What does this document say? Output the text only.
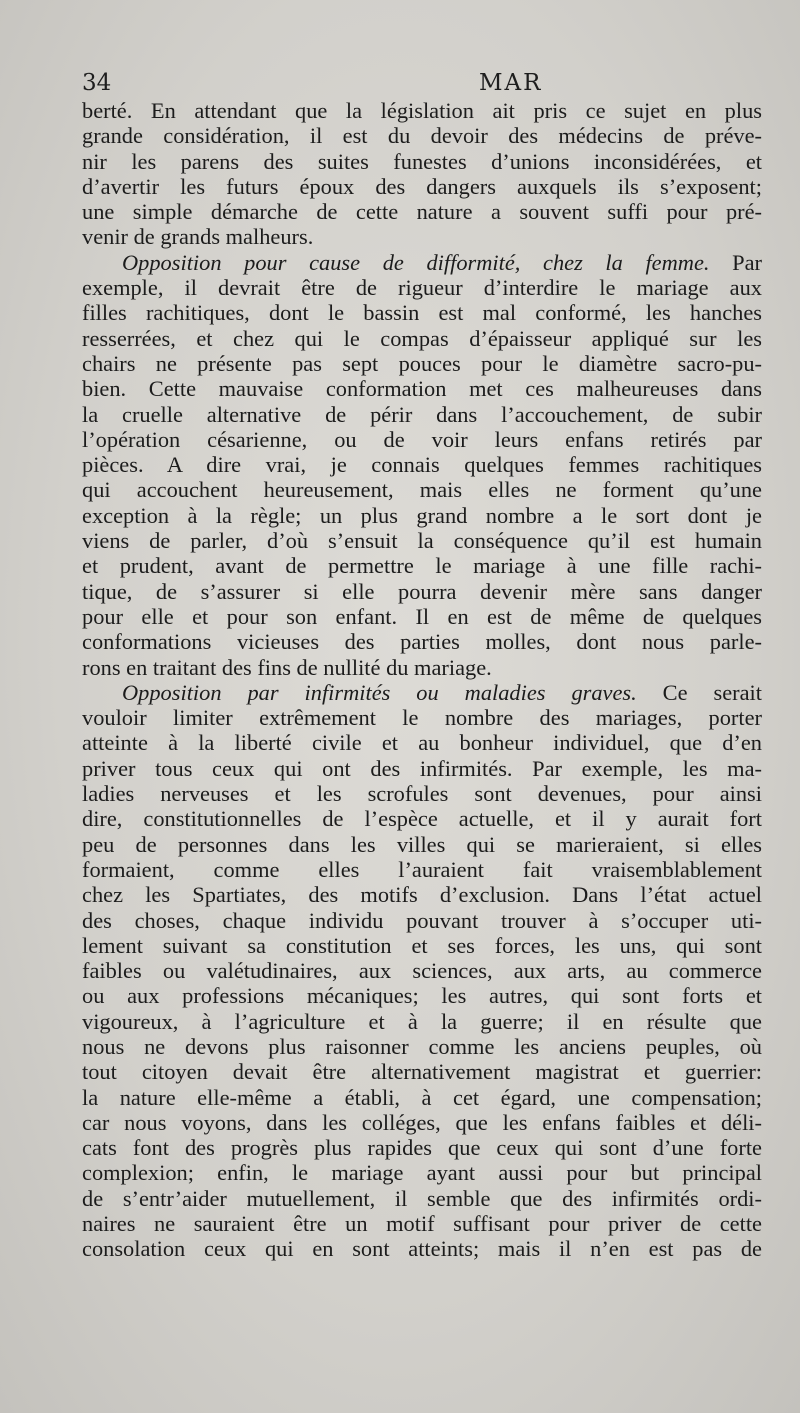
34	MAR
berté. En attendant que la législation ait pris ce sujet en plus
grande considération, il est du devoir des médecins de préve-
nir les parens des suites funestes d’unions inconsidérées, et
d’avertir les futurs époux des dangers auxquels ils s’exposent;
une simple démarche de cette nature a souvent suffi pour pré-
venir de grands malheurs.
Opposition pour cause de difformité, chez la femme. Par
exemple, il devrait être de rigueur d’interdire le mariage aux
filles rachitiques, dont le bassin est mal conformé, les hanches
resserrées, et chez qui le compas d’épaisseur appliqué sur les
chairs ne présente pas sept pouces pour le diamètre sacro-pu-
bien. Cette mauvaise conformation met ces malheureuses dans
la cruelle alternative de périr dans l’accouchement, de subir
l’opération césarienne, ou de voir leurs enfans retirés par
pièces. A dire vrai, je connais quelques femmes rachitiques
qui accouchent heureusement, mais elles ne forment qu’une
exception à la règle; un plus grand nombre a le sort dont je
viens de parler, d’où s’ensuit la conséquence qu’il est humain
et prudent, avant de permettre le mariage à une fille rachi-
tique, de s’assurer si elle pourra devenir mère sans danger
pour elle et pour son enfant. Il en est de même de quelques
conformations vicieuses des parties molles, dont nous parle-
rons en traitant des fins de nullité du mariage.
Opposition par infirmités ou maladies graves. Ce serait
vouloir limiter extrêmement le nombre des mariages, porter
atteinte à la liberté civile et au bonheur individuel, que d’en
priver tous ceux qui ont des infirmités. Par exemple, les ma-
ladies nerveuses et les scrofules sont devenues, pour ainsi
dire, constitutionnelles de l’espèce actuelle, et il y aurait fort
peu de personnes dans les villes qui se marieraient, si elles
formaient, comme elles l’auraient fait vraisemblablement
chez les Spartiates, des motifs d’exclusion. Dans l’état actuel
des choses, chaque individu pouvant trouver à s’occuper uti-
lement suivant sa constitution et ses forces, les uns, qui sont
faibles ou valétudinaires, aux sciences, aux arts, au commerce
ou aux professions mécaniques; les autres, qui sont forts et
vigoureux, à l’agriculture et à la guerre; il en résulte que
nous ne devons plus raisonner comme les anciens peuples, où
tout citoyen devait être alternativement magistrat et guerrier:
la nature elle-même a établi, à cet égard, une compensation;
car nous voyons, dans les colléges, que les enfans faibles et déli-
cats font des progrès plus rapides que ceux qui sont d’une forte
complexion; enfin, le mariage ayant aussi pour but principal
de s’entr’aider mutuellement, il semble que des infirmités ordi-
naires ne sauraient être un motif suffisant pour priver de cette
consolation ceux qui en sont atteints; mais il n’en est pas de
